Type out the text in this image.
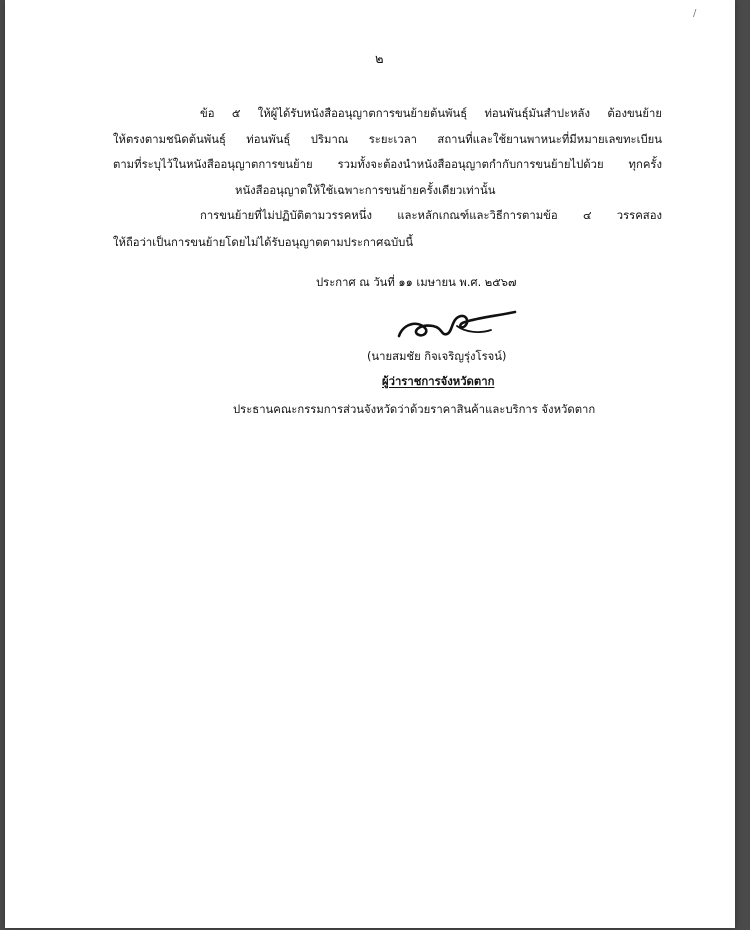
/
๒
ข้อ ๕ ให้ผู้ได้รับหนังสืออนุญาตการขนย้ายต้นพันธุ์ ท่อนพันธุ์มันสำปะหลัง ต้องขนย้าย
ให้ตรงตามชนิดต้นพันธุ์ ท่อนพันธุ์ ปริมาณ ระยะเวลา สถานที่และใช้ยานพาหนะที่มีหมายเลขทะเบียน
ตามที่ระบุไว้ในหนังสืออนุญาตการขนย้าย รวมทั้งจะต้องนำหนังสืออนุญาตกำกับการขนย้ายไปด้วย ทุกครั้ง
หนังสืออนุญาตให้ใช้เฉพาะการขนย้ายครั้งเดียวเท่านั้น
การขนย้ายที่ไม่ปฏิบัติตามวรรคหนึ่ง และหลักเกณฑ์และวิธีการตามข้อ ๔ วรรคสอง
ให้ถือว่าเป็นการขนย้ายโดยไม่ได้รับอนุญาตตามประกาศฉบับนี้
ประกาศ ณ วันที่ ๑๑ เมษายน พ.ศ. ๒๕๖๗
(นายสมชัย กิจเจริญรุ่งโรจน์)
ผู้ว่าราชการจังหวัดตาก
ประธานคณะกรรมการส่วนจังหวัดว่าด้วยราคาสินค้าและบริการ จังหวัดตาก
